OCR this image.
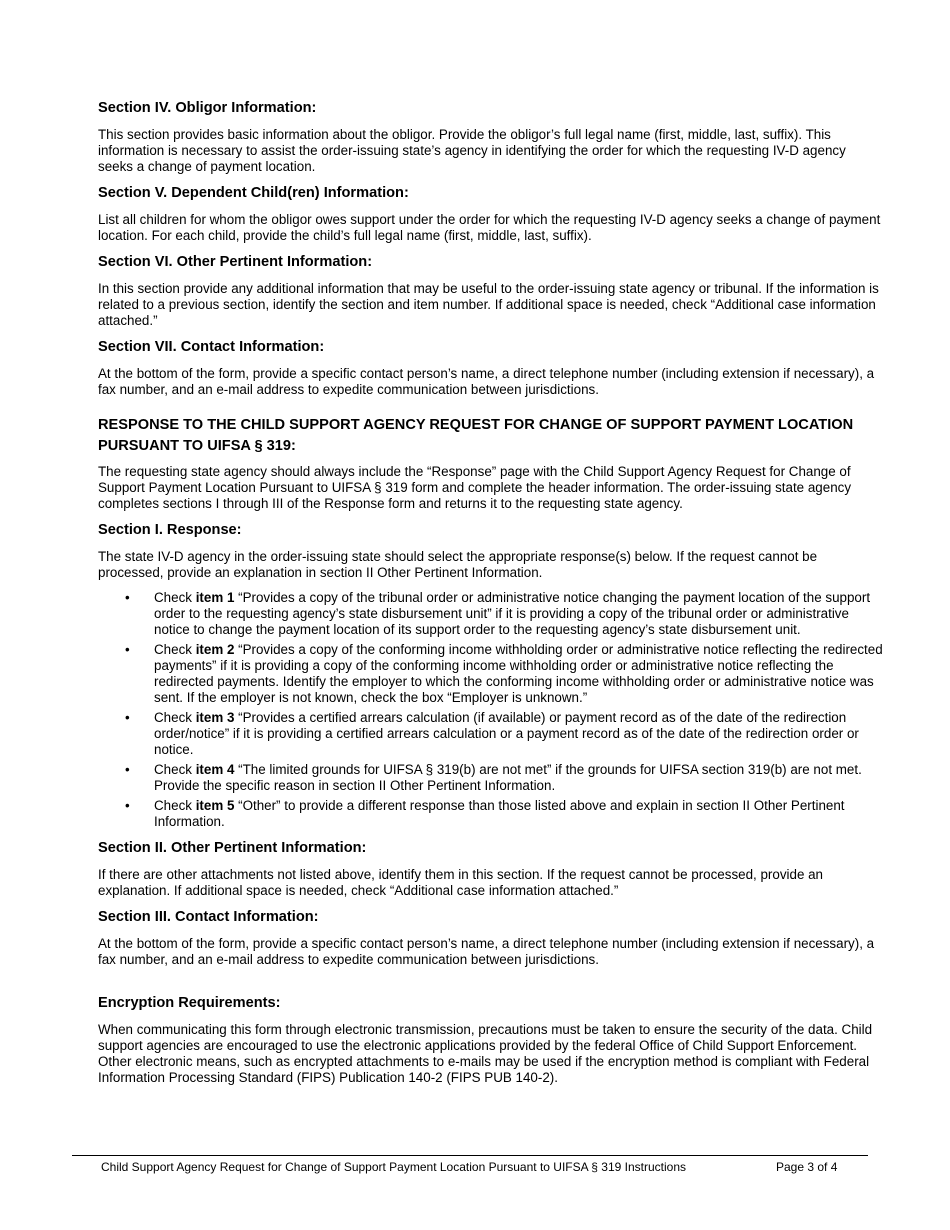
Section IV. Obligor Information:

This section provides basic information about the obligor. Provide the obligor’s full legal name (first, middle, last, suffix). This information is necessary to assist the order-issuing state’s agency in identifying the order for which the requesting IV-D agency seeks a change of payment location.

Section V. Dependent Child(ren) Information:

List all children for whom the obligor owes support under the order for which the requesting IV-D agency seeks a change of payment location. For each child, provide the child’s full legal name (first, middle, last, suffix).

Section VI. Other Pertinent Information:

In this section provide any additional information that may be useful to the order-issuing state agency or tribunal. If the information is related to a previous section, identify the section and item number. If additional space is needed, check “Additional case information attached.”

Section VII. Contact Information:

At the bottom of the form, provide a specific contact person’s name, a direct telephone number (including extension if necessary), a fax number, and an e-mail address to expedite communication between jurisdictions.

RESPONSE TO THE CHILD SUPPORT AGENCY REQUEST FOR CHANGE OF SUPPORT PAYMENT LOCATION PURSUANT TO UIFSA § 319:

The requesting state agency should always include the “Response” page with the Child Support Agency Request for Change of Support Payment Location Pursuant to UIFSA § 319 form and complete the header information. The order-issuing state agency completes sections I through III of the Response form and returns it to the requesting state agency.

Section I. Response:

The state IV-D agency in the order-issuing state should select the appropriate response(s) below. If the request cannot be processed, provide an explanation in section II Other Pertinent Information.

• Check item 1 “Provides a copy of the tribunal order or administrative notice changing the payment location of the support order to the requesting agency’s state disbursement unit” if it is providing a copy of the tribunal order or administrative notice to change the payment location of its support order to the requesting agency’s state disbursement unit.
• Check item 2 “Provides a copy of the conforming income withholding order or administrative notice reflecting the redirected payments” if it is providing a copy of the conforming income withholding order or administrative notice reflecting the redirected payments. Identify the employer to which the conforming income withholding order or administrative notice was sent. If the employer is not known, check the box “Employer is unknown.”
• Check item 3 “Provides a certified arrears calculation (if available) or payment record as of the date of the redirection order/notice” if it is providing a certified arrears calculation or a payment record as of the date of the redirection order or notice.
• Check item 4 “The limited grounds for UIFSA § 319(b) are not met” if the grounds for UIFSA section 319(b) are not met. Provide the specific reason in section II Other Pertinent Information.
• Check item 5 “Other” to provide a different response than those listed above and explain in section II Other Pertinent Information.
Section II. Other Pertinent Information:

If there are other attachments not listed above, identify them in this section. If the request cannot be processed, provide an explanation. If additional space is needed, check “Additional case information attached.”

Section III. Contact Information:

At the bottom of the form, provide a specific contact person’s name, a direct telephone number (including extension if necessary), a fax number, and an e-mail address to expedite communication between jurisdictions.

Encryption Requirements:

When communicating this form through electronic transmission, precautions must be taken to ensure the security of the data. Child support agencies are encouraged to use the electronic applications provided by the federal Office of Child Support Enforcement. Other electronic means, such as encrypted attachments to e-mails may be used if the encryption method is compliant with Federal Information Processing Standard (FIPS) Publication 140-2 (FIPS PUB 140-2).

Child Support Agency Request for Change of Support Payment Location Pursuant to UIFSA § 319 Instructions	Page 3 of 4
